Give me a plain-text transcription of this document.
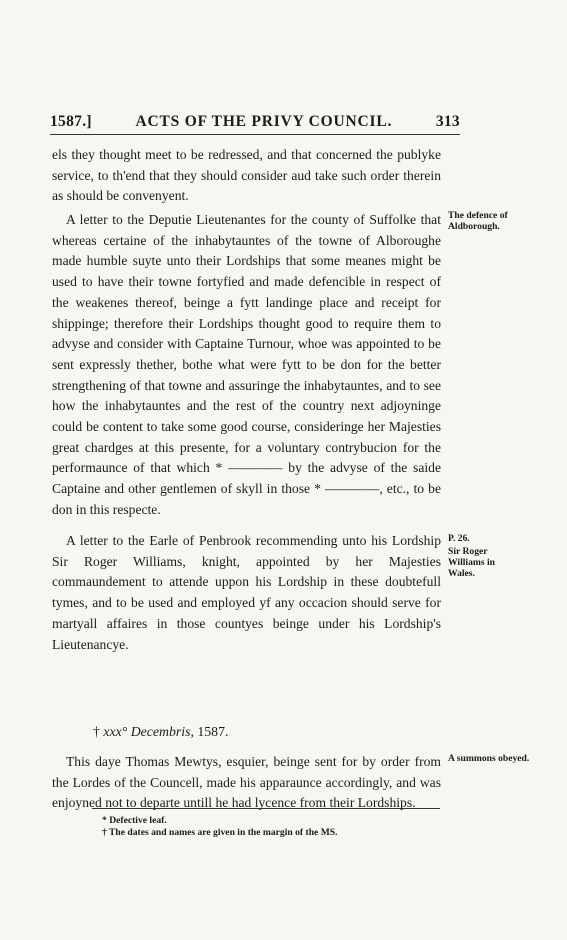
1587.]	ACTS OF THE PRIVY COUNCIL.	313

els they thought meet to be redressed, and that concerned the publyke service, to th'end that they should consider aud take such order therein as should be convenyent.

A letter to the Deputie Lieutenantes for the county of Suffolke that whereas certaine of the inhabytauntes of the towne of Alboroughe made humble suyte unto their Lordships that some meanes might be used to have their towne fortyfied and made defencible in respect of the weakenes thereof, beinge a fytt landinge place and receipt for shippinge; therefore their Lordships thought good to require them to advyse and consider with Captaine Turnour, whoe was appointed to be sent expressly thether, bothe what were fytt to be don for the better strengthening of that towne and assuringe the inhabytauntes, and to see how the inhabytauntes and the rest of the country next adjoyninge could be content to take some good course, consideringe her Majesties great chardges at this presente, for a voluntary contrybucion for the performaunce of that which * ———— by the advyse of the saide Captaine and other gentlemen of skyll in those * ————, etc., to be don in this respecte.

The defence of Aldborough.

A letter to the Earle of Penbrook recommending unto his Lordship Sir Roger Williams, knight, appointed by her Majesties commaundement to attende uppon his Lordship in these doubtefull tymes, and to be used and employed yf any occacion should serve for martyall affaires in those countyes beinge under his Lordship's Lieutenancye.

P. 26.
Sir Roger Williams in Wales.
† xxx° Decembris, 1587.

This daye Thomas Mewtys, esquier, beinge sent for by order from the Lordes of the Councell, made his apparaunce accordingly, and was enjoyned not to departe untill he had lycence from their Lordships.

A summons obeyed.
* Defective leaf.
† The dates and names are given in the margin of the MS.
